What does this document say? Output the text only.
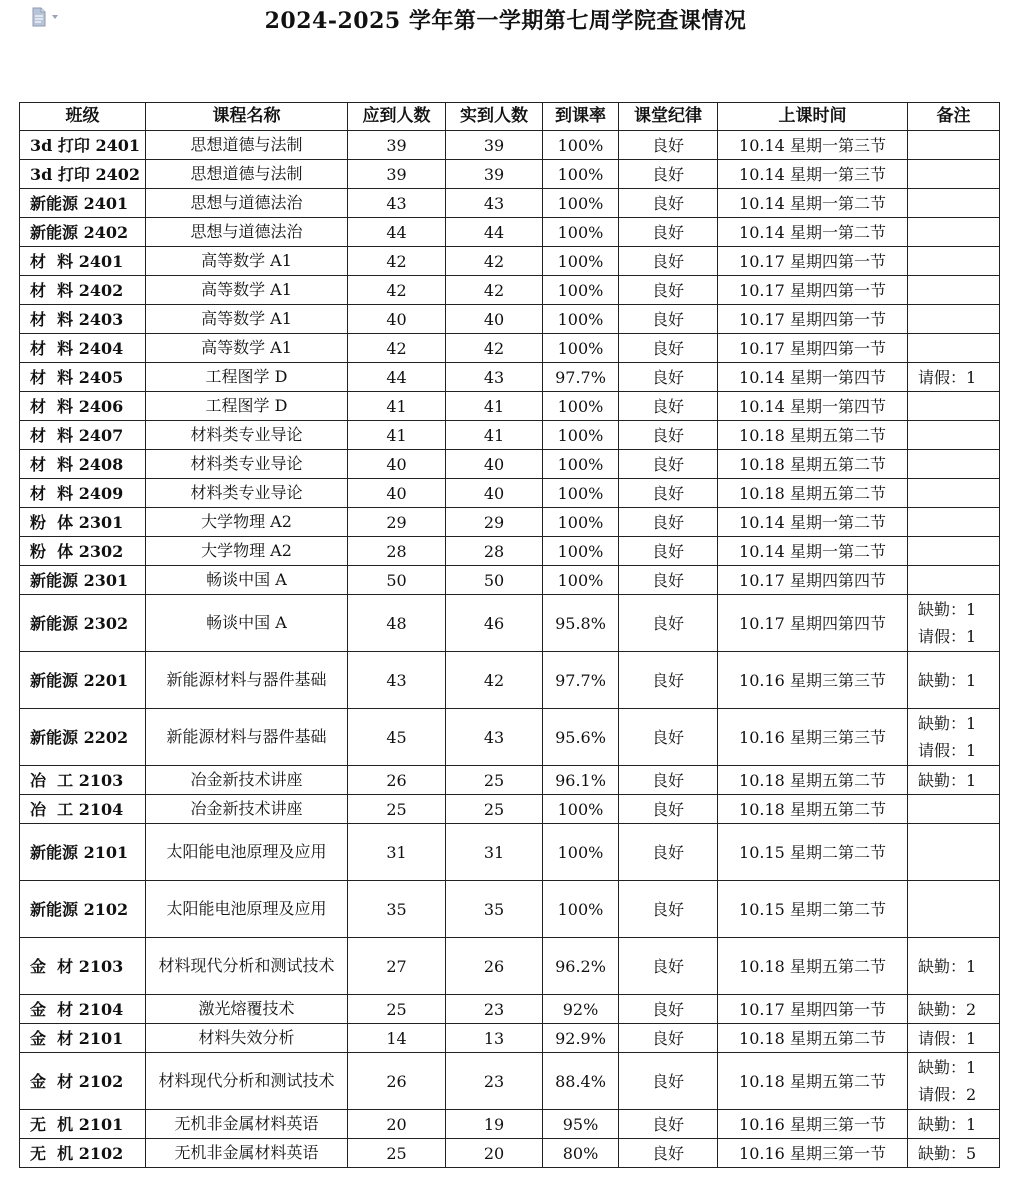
2024-2025 学年第一学期第七周学院查课情况
班级	课程名称	应到人数	实到人数	到课率	课堂纪律	上课时间	备注
3d 打印 2401	思想道德与法制	39	39	100%	良好	10.14 星期一第三节	
3d 打印 2402	思想道德与法制	39	39	100%	良好	10.14 星期一第三节	
新能源 2401	思想与道德法治	43	43	100%	良好	10.14 星期一第二节	
新能源 2402	思想与道德法治	44	44	100%	良好	10.14 星期一第二节	
材  料 2401	高等数学 A1	42	42	100%	良好	10.17 星期四第一节	
材  料 2402	高等数学 A1	42	42	100%	良好	10.17 星期四第一节	
材  料 2403	高等数学 A1	40	40	100%	良好	10.17 星期四第一节	
材  料 2404	高等数学 A1	42	42	100%	良好	10.17 星期四第一节	
材  料 2405	工程图学 D	44	43	97.7%	良好	10.14 星期一第四节	请假：1
材  料 2406	工程图学 D	41	41	100%	良好	10.14 星期一第四节	
材  料 2407	材料类专业导论	41	41	100%	良好	10.18 星期五第二节	
材  料 2408	材料类专业导论	40	40	100%	良好	10.18 星期五第二节	
材  料 2409	材料类专业导论	40	40	100%	良好	10.18 星期五第二节	
粉  体 2301	大学物理 A2	29	29	100%	良好	10.14 星期一第二节	
粉  体 2302	大学物理 A2	28	28	100%	良好	10.14 星期一第二节	
新能源 2301	畅谈中国 A	50	50	100%	良好	10.17 星期四第四节	
新能源 2302	畅谈中国 A	48	46	95.8%	良好	10.17 星期四第四节	缺勤：1
请假：1
新能源 2201	新能源材料与器件基础	43	42	97.7%	良好	10.16 星期三第三节	缺勤：1
新能源 2202	新能源材料与器件基础	45	43	95.6%	良好	10.16 星期三第三节	缺勤：1
请假：1
冶  工 2103	冶金新技术讲座	26	25	96.1%	良好	10.18 星期五第二节	缺勤：1
冶  工 2104	冶金新技术讲座	25	25	100%	良好	10.18 星期五第二节	
新能源 2101	太阳能电池原理及应用	31	31	100%	良好	10.15 星期二第二节	
新能源 2102	太阳能电池原理及应用	35	35	100%	良好	10.15 星期二第二节	
金  材 2103	材料现代分析和测试技术	27	26	96.2%	良好	10.18 星期五第二节	缺勤：1
金  材 2104	激光熔覆技术	25	23	92%	良好	10.17 星期四第一节	缺勤：2
金  材 2101	材料失效分析	14	13	92.9%	良好	10.18 星期五第二节	请假：1
金  材 2102	材料现代分析和测试技术	26	23	88.4%	良好	10.18 星期五第二节	缺勤：1
请假：2
无  机 2101	无机非金属材料英语	20	19	95%	良好	10.16 星期三第一节	缺勤：1
无  机 2102	无机非金属材料英语	25	20	80%	良好	10.16 星期三第一节	缺勤：5
